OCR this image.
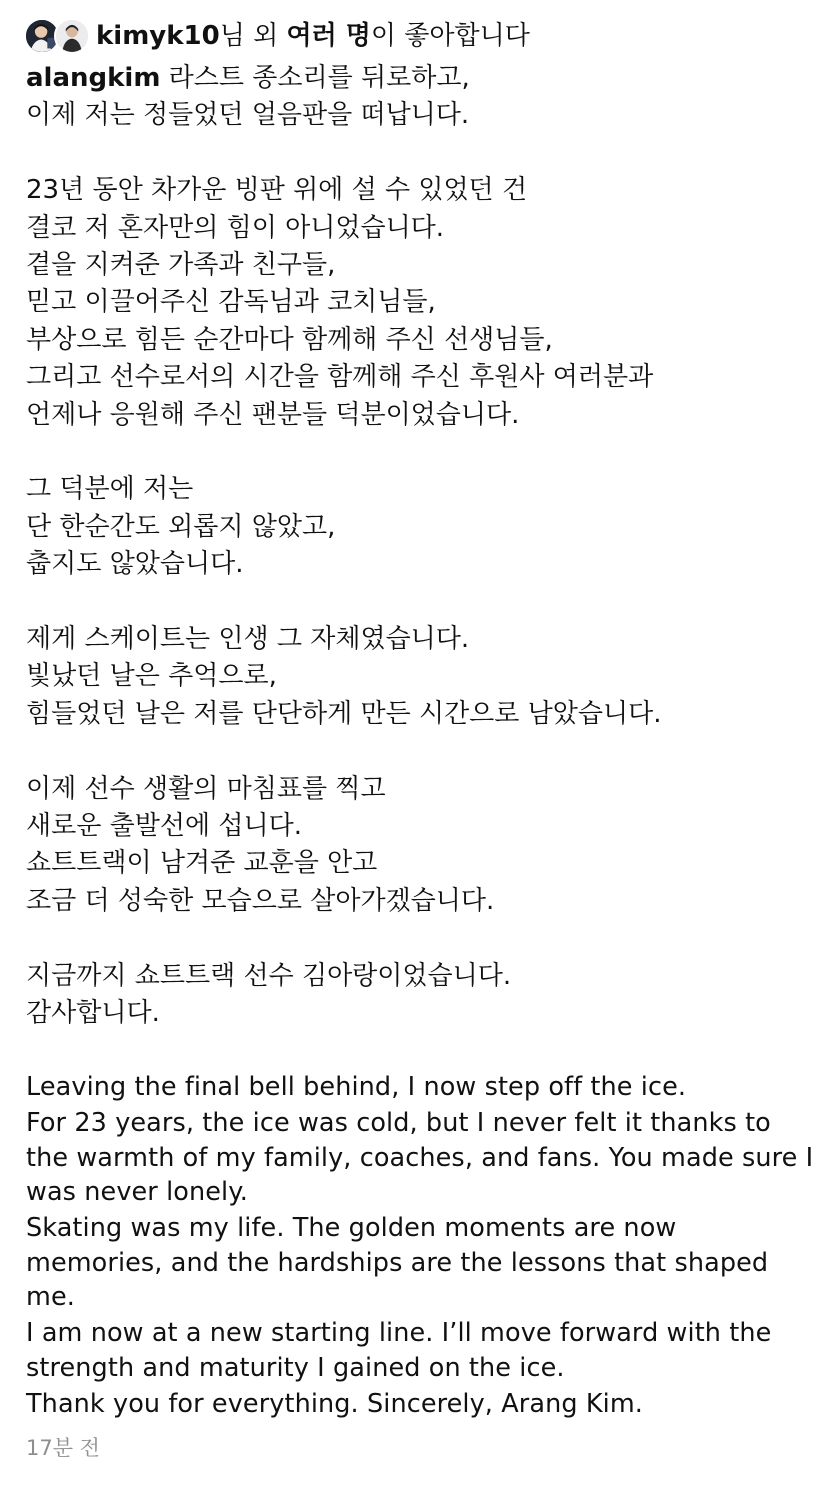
kimyk10님 외 여러 명이 좋아합니다
alangkim 라스트 종소리를 뒤로하고,
이제 저는 정들었던 얼음판을 떠납니다.
23년 동안 차가운 빙판 위에 설 수 있었던 건
결코 저 혼자만의 힘이 아니었습니다.
곁을 지켜준 가족과 친구들,
믿고 이끌어주신 감독님과 코치님들,
부상으로 힘든 순간마다 함께해 주신 선생님들,
그리고 선수로서의 시간을 함께해 주신 후원사 여러분과
언제나 응원해 주신 팬분들 덕분이었습니다.
그 덕분에 저는
단 한순간도 외롭지 않았고,
춥지도 않았습니다.
제게 스케이트는 인생 그 자체였습니다.
빛났던 날은 추억으로,
힘들었던 날은 저를 단단하게 만든 시간으로 남았습니다.
이제 선수 생활의 마침표를 찍고
새로운 출발선에 섭니다.
쇼트트랙이 남겨준 교훈을 안고
조금 더 성숙한 모습으로 살아가겠습니다.
지금까지 쇼트트랙 선수 김아랑이었습니다.
감사합니다.

Leaving the final bell behind, I now step off the ice.

For 23 years, the ice was cold, but I never felt it thanks to the warmth of my family, coaches, and fans. You made sure I was never lonely.

Skating was my life. The golden moments are now memories, and the hardships are the lessons that shaped me.

I am now at a new starting line. I’ll move forward with the strength and maturity I gained on the ice.

Thank you for everything. Sincerely, Arang Kim.

17분 전
